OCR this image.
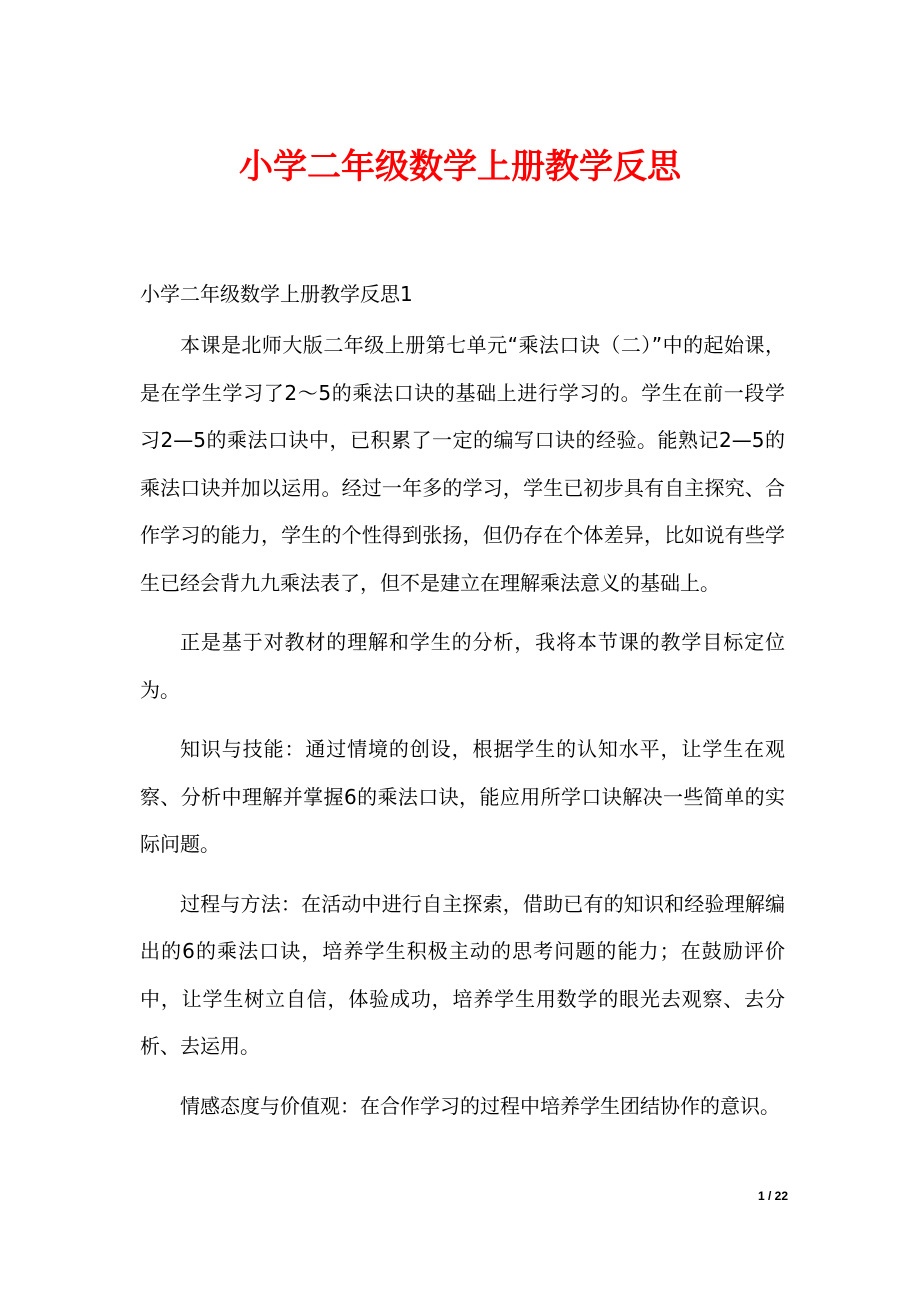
小学二年级数学上册教学反思

小学二年级数学上册教学反思1

本课是北师大版二年级上册第七单元“乘法口诀（二）”中的起始课，是在学生学习了2～5的乘法口诀的基础上进行学习的。学生在前一段学习2—5的乘法口诀中，已积累了一定的编写口诀的经验。能熟记2—5的乘法口诀并加以运用。经过一年多的学习，学生已初步具有自主探究、合作学习的能力，学生的个性得到张扬，但仍存在个体差异，比如说有些学生已经会背九九乘法表了，但不是建立在理解乘法意义的基础上。

正是基于对教材的理解和学生的分析，我将本节课的教学目标定位为。

知识与技能：通过情境的创设，根据学生的认知水平，让学生在观察、分析中理解并掌握6的乘法口诀，能应用所学口诀解决一些简单的实际问题。

过程与方法：在活动中进行自主探索，借助已有的知识和经验理解编出的6的乘法口诀，培养学生积极主动的思考问题的能力；在鼓励评价中，让学生树立自信，体验成功，培养学生用数学的眼光去观察、去分析、去运用。

情感态度与价值观：在合作学习的过程中培养学生团结协作的意识。

1 / 22
